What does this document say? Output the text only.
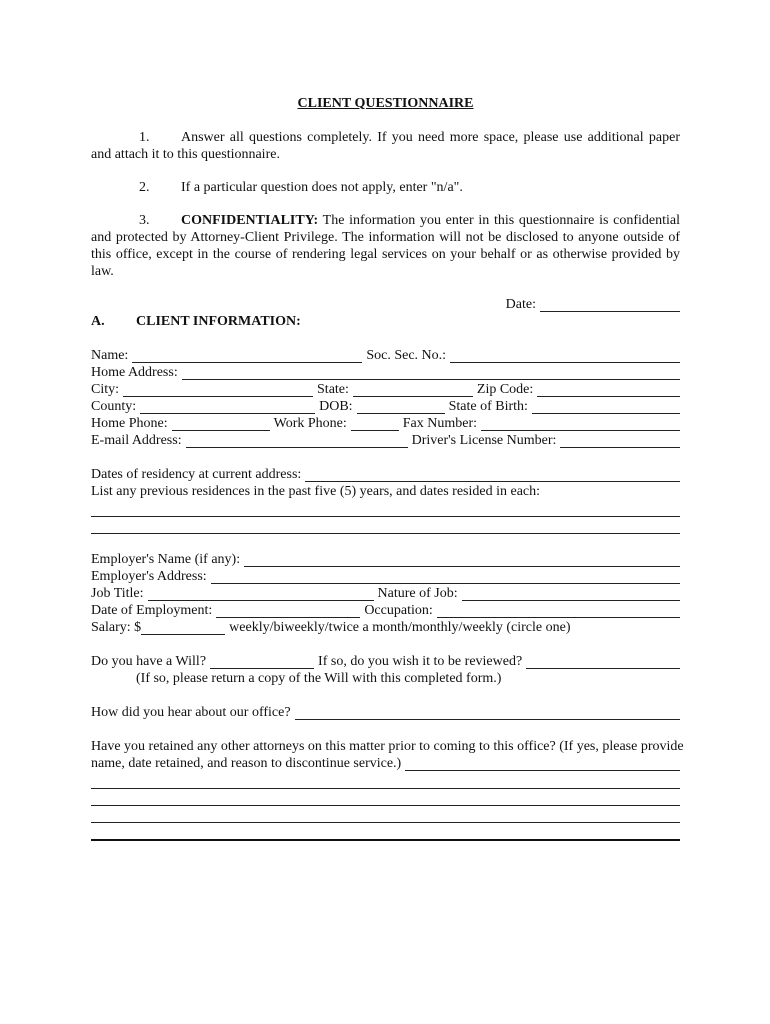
CLIENT QUESTIONNAIRE

1. Answer all questions completely. If you need more space, please use additional paper and attach it to this questionnaire.
2. If a particular question does not apply, enter "n/a".
3. CONFIDENTIALITY: The information you enter in this questionnaire is confidential and protected by Attorney-Client Privilege. The information will not be disclosed to anyone outside of this office, except in the course of rendering legal services on your behalf or as otherwise provided by law.
Date:
A.	CLIENT INFORMATION:
Name:	Soc. Sec. No.:
Home Address:
City:	State:	Zip Code:
County:	DOB:	State of Birth:
Home Phone:	Work Phone:	Fax Number:
E-mail Address:	Driver's License Number:
Dates of residency at current address:
List any previous residences in the past five (5) years, and dates resided in each:
Employer's Name (if any):
Employer's Address:
Job Title:	Nature of Job:
Date of Employment:	Occupation:
Salary: $	weekly/biweekly/twice a month/monthly/weekly (circle one)
Do you have a Will?	If so, do you wish it to be reviewed?
(If so, please return a copy of the Will with this completed form.)
How did you hear about our office?
Have you retained any other attorneys on this matter prior to coming to this office? (If yes, please provide
name, date retained, and reason to discontinue service.)
